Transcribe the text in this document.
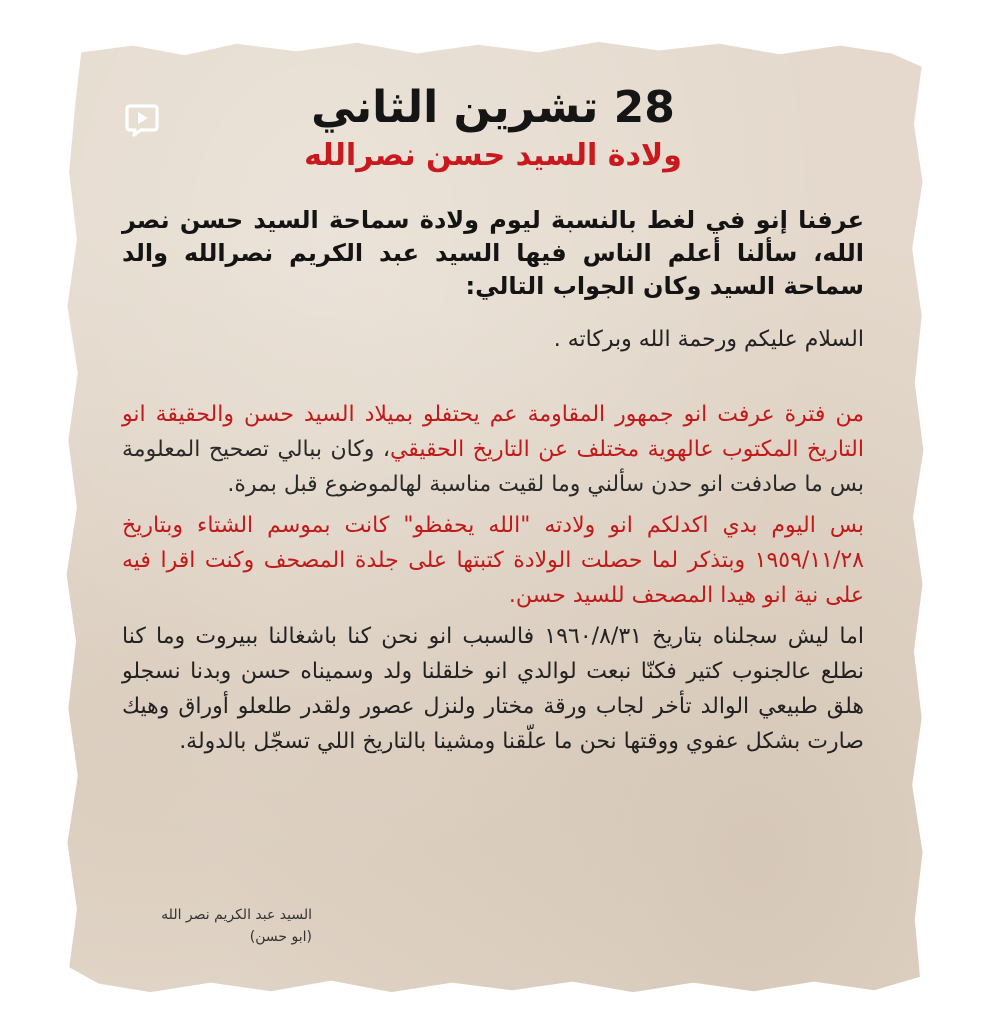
28 تشرين الثاني
ولادة السيد حسن نصرالله

عرفنا إنو في لغط بالنسبة ليوم ولادة سماحة السيد حسن نصر الله، سألنا أعلم الناس فيها السيد عبد الكريم نصرالله والد سماحة السيد وكان الجواب التالي:

السلام عليكم ورحمة الله وبركاته .

من فترة عرفت انو جمهور المقاومة عم يحتفلو بميلاد السيد حسن والحقيقة انو التاريخ المكتوب عالهوية مختلف عن التاريخ الحقيقي، وكان ببالي تصحيح المعلومة بس ما صادفت انو حدن سألني وما لقيت مناسبة لهالموضوع قبل بمرة.

بس اليوم بدي اكدلكم انو ولادته "الله يحفظو" كانت بموسم الشتاء وبتاريخ ١٩٥٩/١١/٢٨ وبتذكر لما حصلت الولادة كتبتها على جلدة المصحف وكنت اقرا فيه على نية انو هيدا المصحف للسيد حسن.

اما ليش سجلناه بتاريخ ١٩٦٠/٨/٣١ فالسبب انو نحن كنا باشغالنا ببيروت وما كنا نطلع عالجنوب كتير فكنّا نبعت لوالدي انو خلقلنا ولد وسميناه حسن وبدنا نسجلو هلق طبيعي الوالد تأخر لجاب ورقة مختار ولنزل عصور ولقدر طلعلو أوراق وهيك صارت بشكل عفوي ووقتها نحن ما علّقنا ومشينا بالتاريخ اللي تسجّل بالدولة.

السيد عبد الكريم نصر الله
(ابو حسن)
